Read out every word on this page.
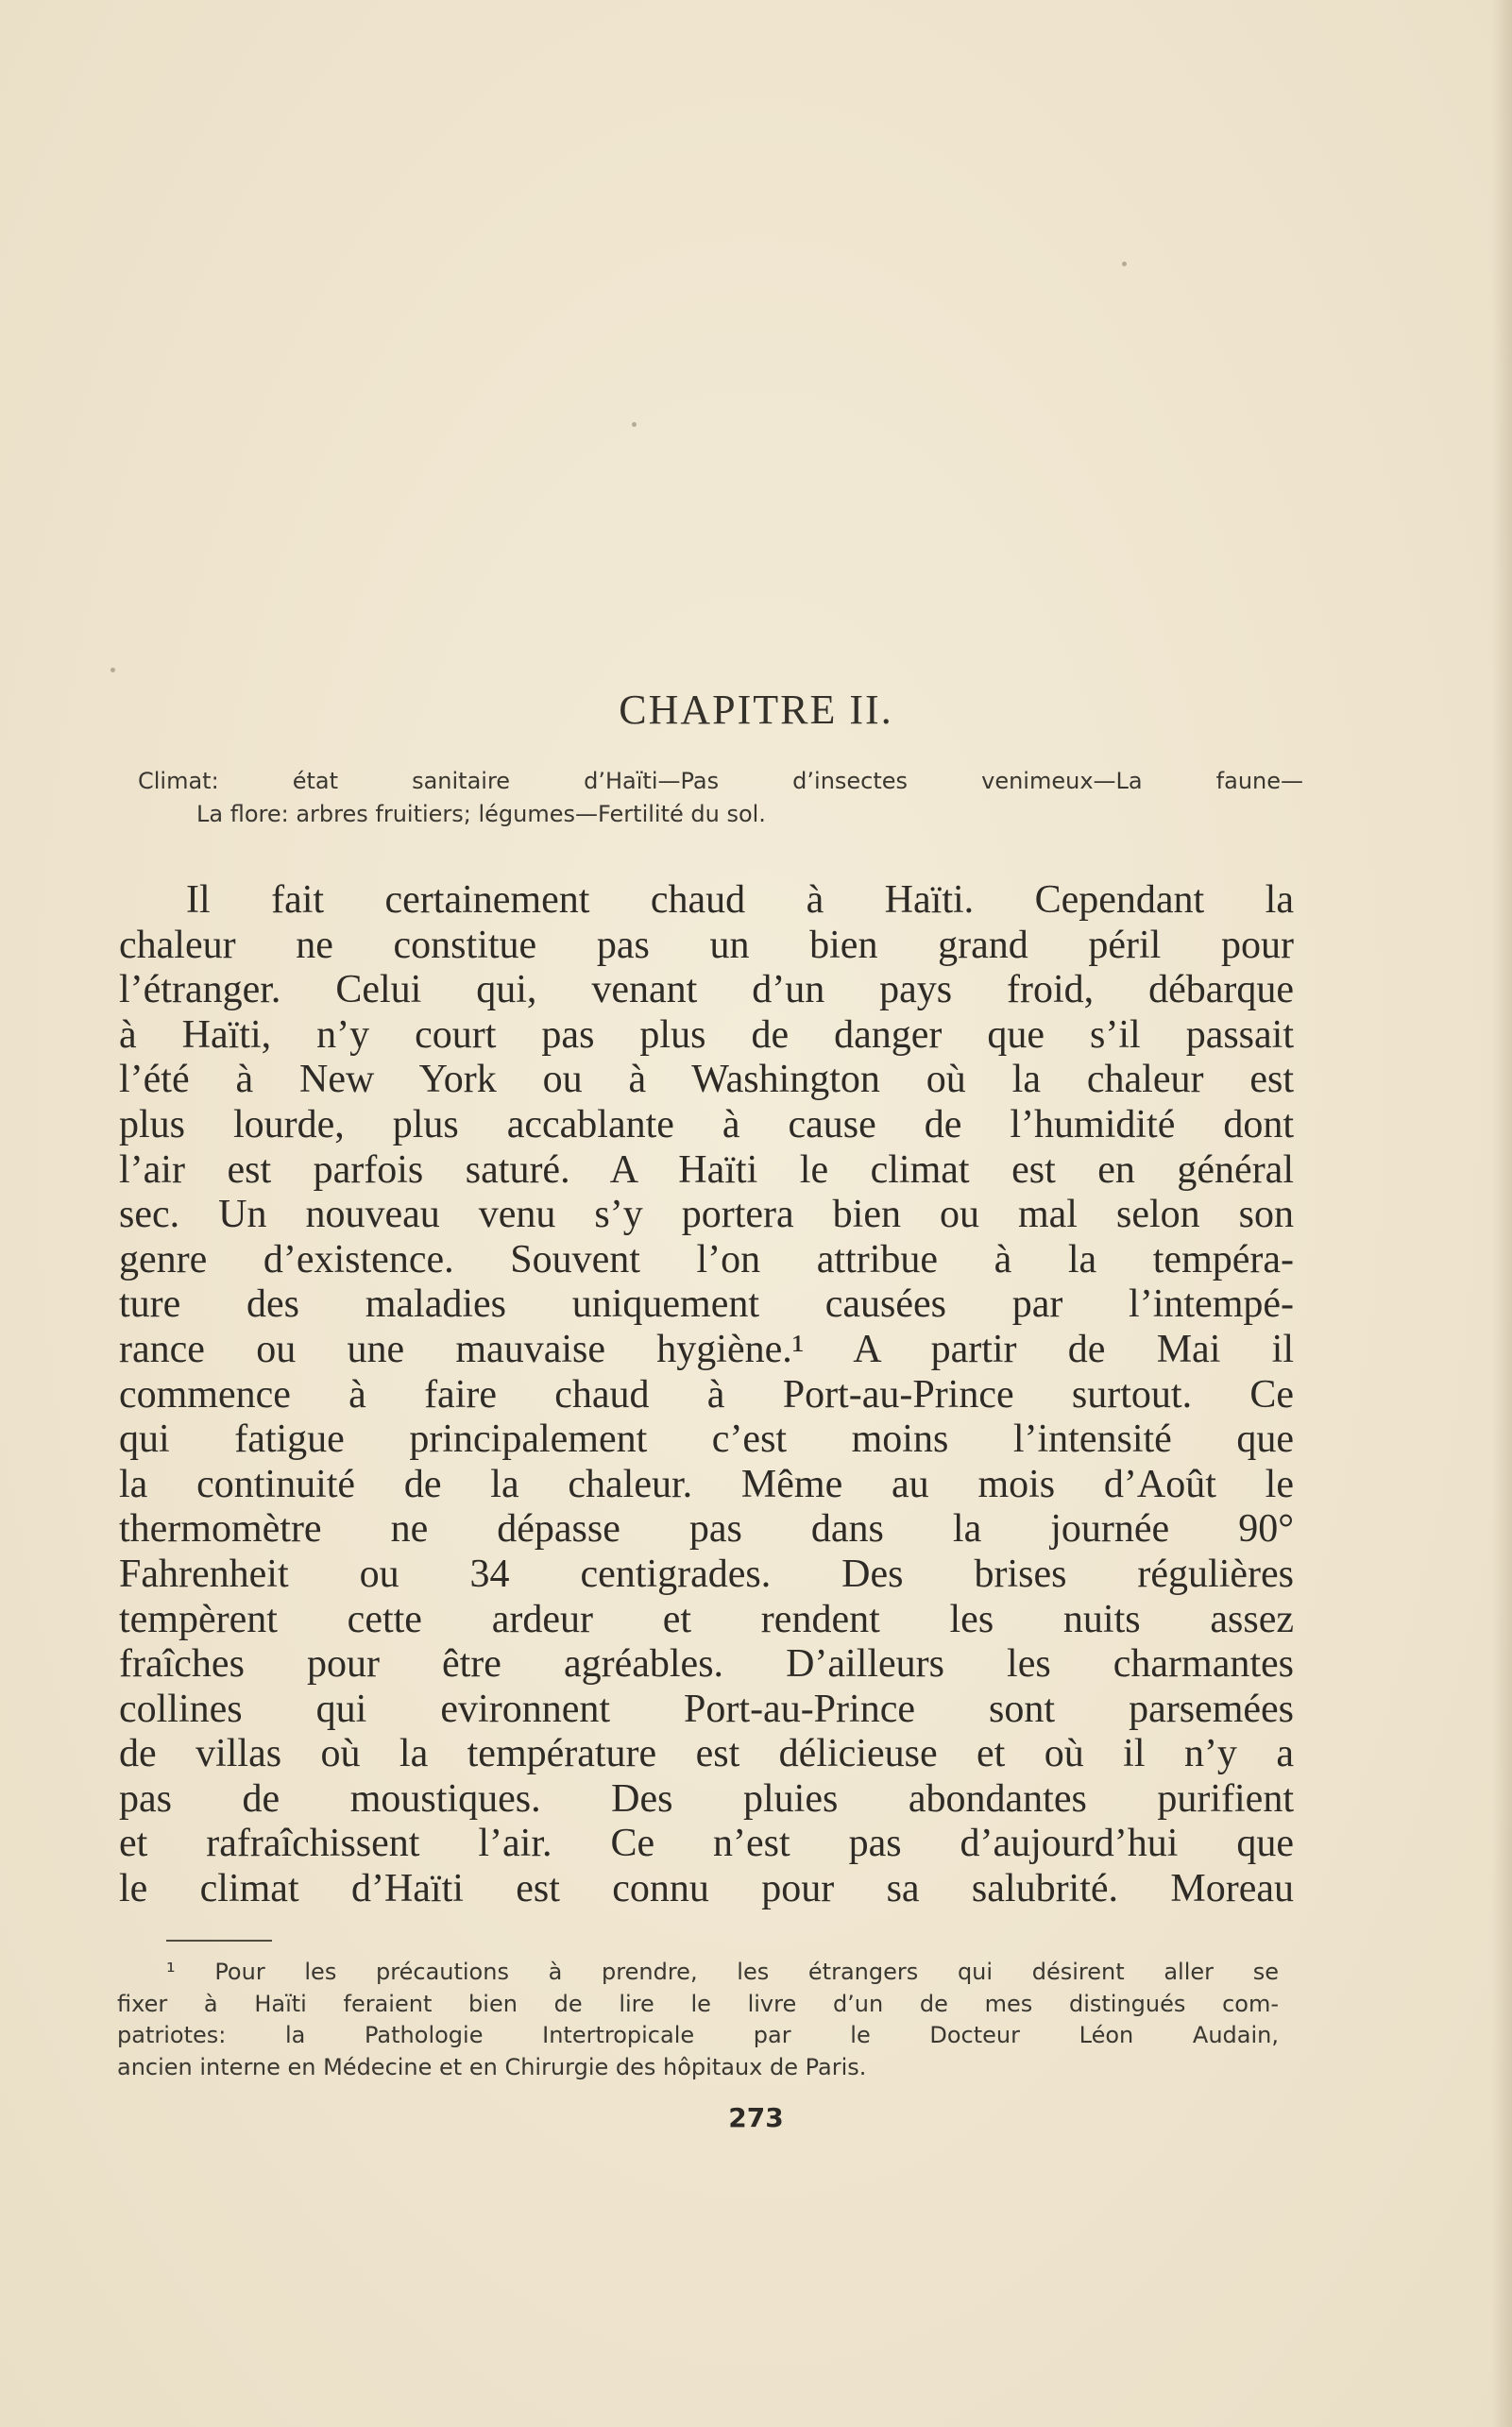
CHAPITRE II.
Climat: état sanitaire d’Haïti—Pas d’insectes venimeux—La faune—
La flore: arbres fruitiers; légumes—Fertilité du sol.
Il fait certainement chaud à Haïti. Cependant la
chaleur ne constitue pas un bien grand péril pour
l’étranger. Celui qui, venant d’un pays froid, débarque
à Haïti, n’y court pas plus de danger que s’il passait
l’été à New York ou à Washington où la chaleur est
plus lourde, plus accablante à cause de l’humidité dont
l’air est parfois saturé. A Haïti le climat est en général
sec. Un nouveau venu s’y portera bien ou mal selon son
genre d’existence. Souvent l’on attribue à la tempéra-
ture des maladies uniquement causées par l’intempé-
rance ou une mauvaise hygiène.¹ A partir de Mai il
commence à faire chaud à Port-au-Prince surtout. Ce
qui fatigue principalement c’est moins l’intensité que
la continuité de la chaleur. Même au mois d’Août le
thermomètre ne dépasse pas dans la journée 90°
Fahrenheit ou 34 centigrades. Des brises régulières
tempèrent cette ardeur et rendent les nuits assez
fraîches pour être agréables. D’ailleurs les charmantes
collines qui evironnent Port-au-Prince sont parsemées
de villas où la température est délicieuse et où il n’y a
pas de moustiques. Des pluies abondantes purifient
et rafraîchissent l’air. Ce n’est pas d’aujourd’hui que
le climat d’Haïti est connu pour sa salubrité. Moreau
¹ Pour les précautions à prendre, les étrangers qui désirent aller se
fixer à Haïti feraient bien de lire le livre d’un de mes distingués com-
patriotes: la Pathologie Intertropicale par le Docteur Léon Audain,
ancien interne en Médecine et en Chirurgie des hôpitaux de Paris.
273
